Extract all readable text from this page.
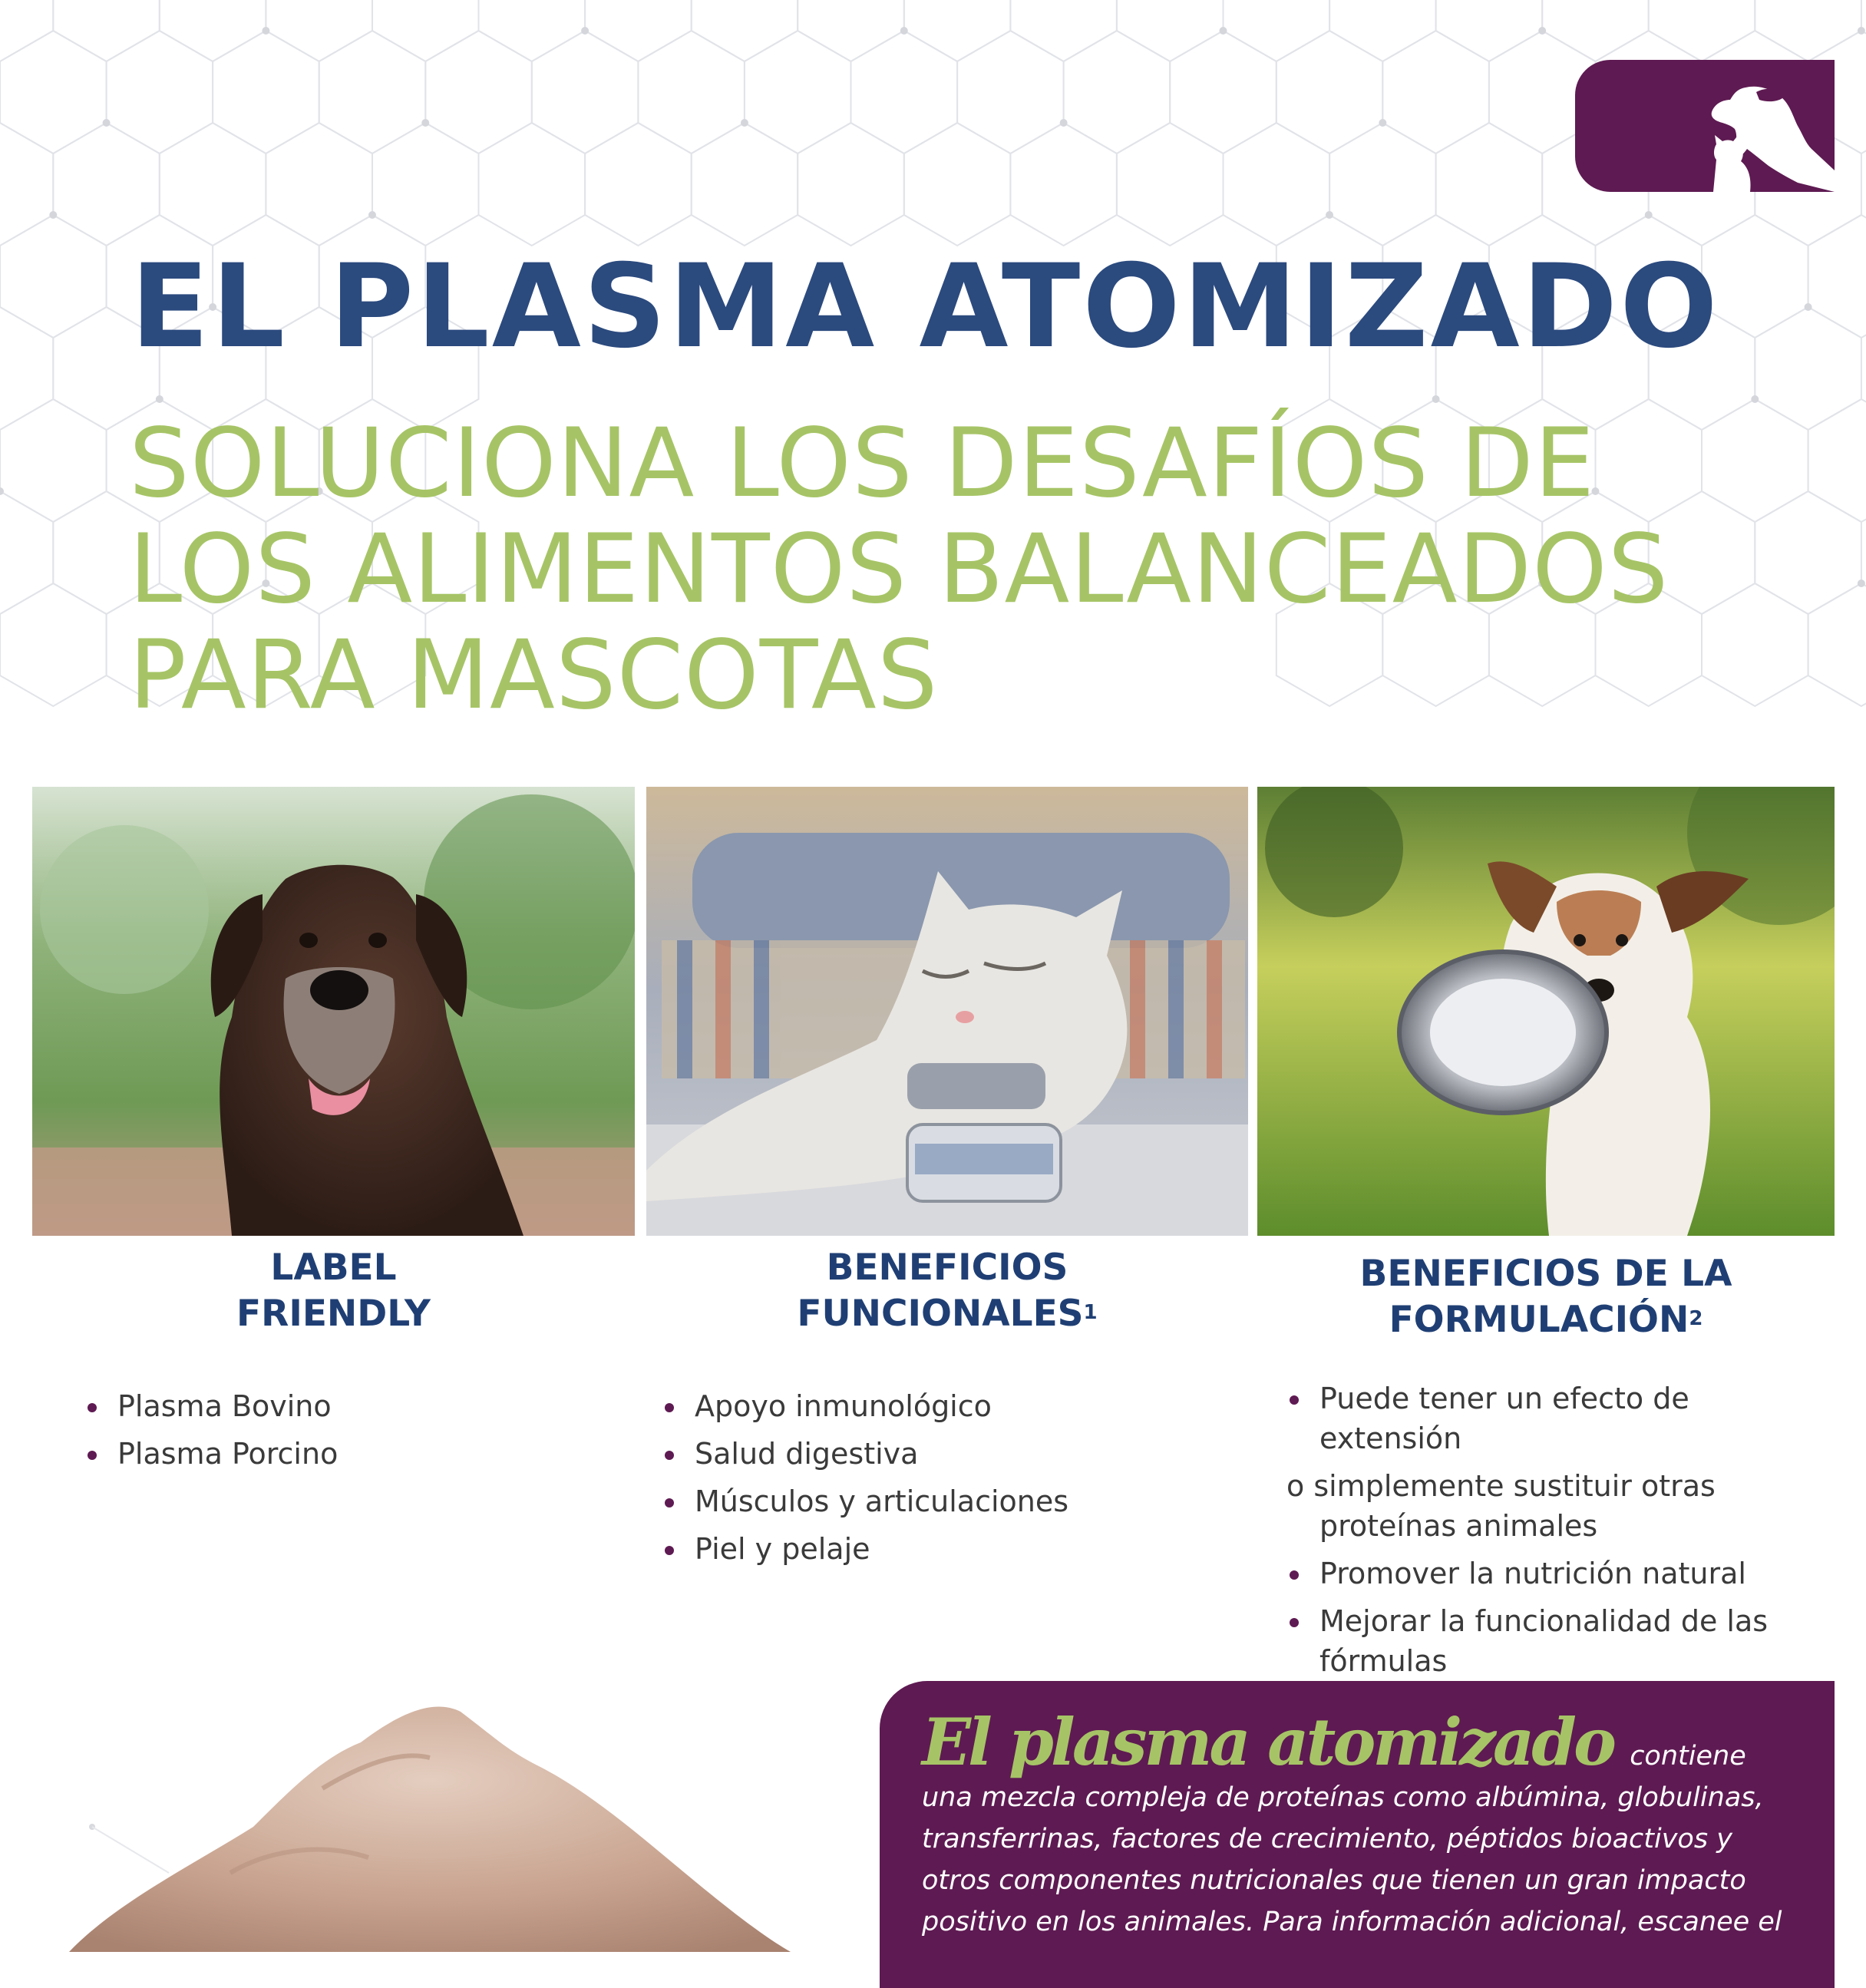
EL PLASMA ATOMIZADO
SOLUCIONA LOS DESAFÍOS DE
LOS ALIMENTOS BALANCEADOS
PARA MASCOTAS
LABEL
FRIENDLY
BENEFICIOS
FUNCIONALES$^1$
BENEFICIOS DE LA
FORMULACIÓN$^2$
Plasma Bovino
Plasma Porcino
Apoyo inmunológico
Salud digestiva
Músculos y articulaciones
Piel y pelaje
Puede tener un efecto de extensión
o simplemente sustituir otras
proteínas animales
Promover la nutrición natural
Mejorar la funcionalidad de las
fórmulas

El plasma atomizado contiene una mezcla compleja de proteínas como albúmina, globulinas, transferrinas, factores de crecimiento, péptidos bioactivos y otros componentes nutricionales que tienen un gran impacto positivo en los animales. Para información adicional, escanee el
